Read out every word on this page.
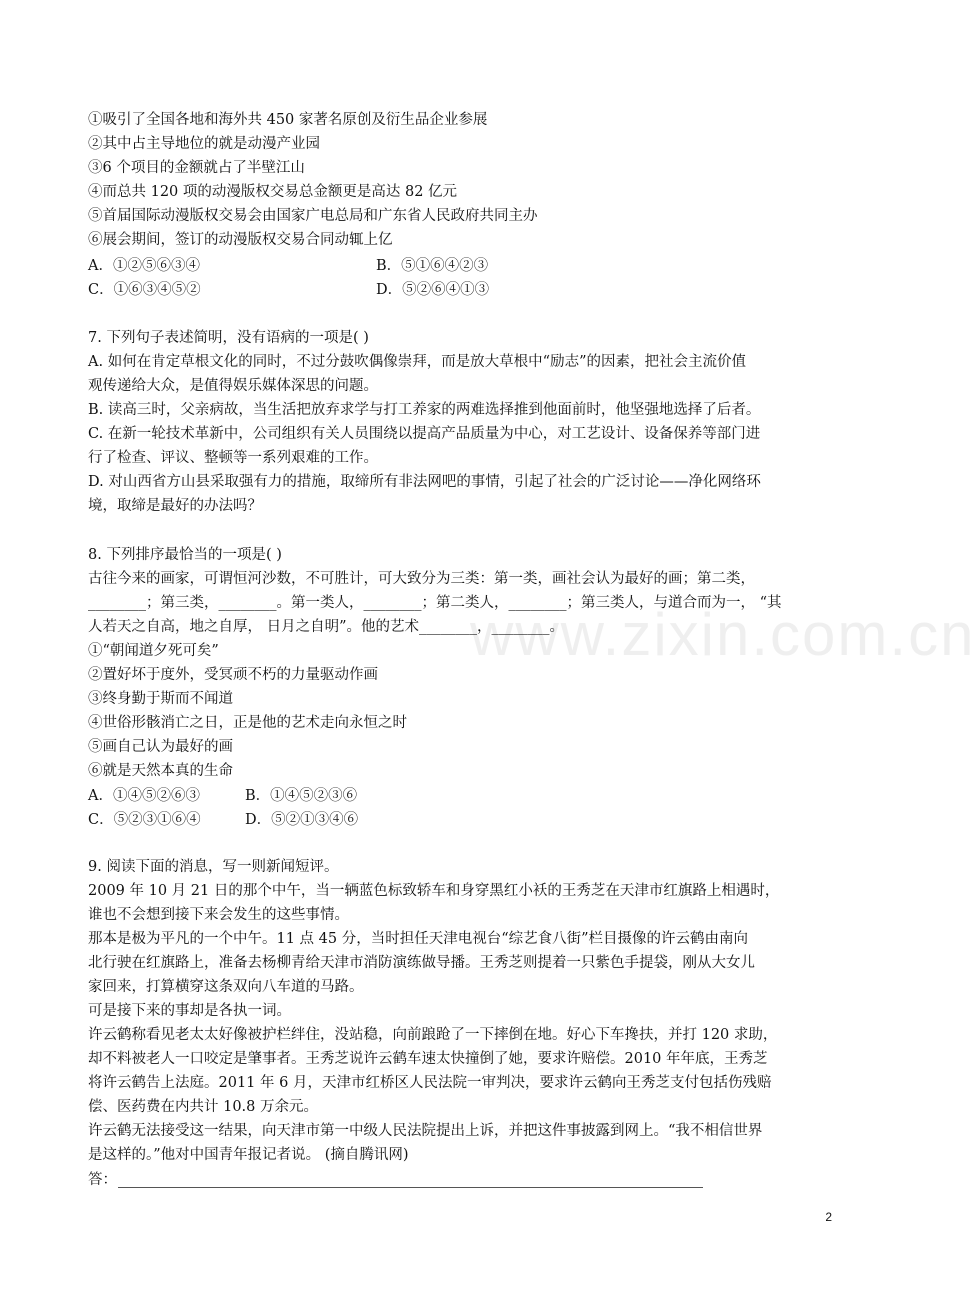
www.zixin.com.cn
①吸引了全国各地和海外共 450 家著名原创及衍生品企业参展
②其中占主导地位的就是动漫产业园
③6 个项目的金额就占了半壁江山
④而总共 120 项的动漫版权交易总金额更是高达 82 亿元
⑤首届国际动漫版权交易会由国家广电总局和广东省人民政府共同主办
⑥展会期间，签订的动漫版权交易合同动辄上亿
A．①②⑤⑥③④	B．⑤①⑥④②③
C．①⑥③④⑤②	D．⑤②⑥④①③
7. 下列句子表述简明，没有语病的一项是( )
A. 如何在肯定草根文化的同时，不过分鼓吹偶像崇拜，而是放大草根中“励志”的因素，把社会主流价值
观传递给大众，是值得娱乐媒体深思的问题。
B. 读高三时，父亲病故，当生活把放弃求学与打工养家的两难选择推到他面前时，他坚强地选择了后者。
C. 在新一轮技术革新中，公司组织有关人员围绕以提高产品质量为中心，对工艺设计、设备保养等部门进
行了检查、评议、整顿等一系列艰难的工作。
D. 对山西省方山县采取强有力的措施，取缔所有非法网吧的事情，引起了社会的广泛讨论——净化网络环
境，取缔是最好的办法吗？
8. 下列排序最恰当的一项是( )
古往今来的画家，可谓恒河沙数，不可胜计，可大致分为三类：第一类，画社会认为最好的画；第二类，
________；第三类，________。第一类人，________；第二类人，________；第三类人，与道合而为一， “其
人若天之自高，地之自厚， 日月之自明”。他的艺术________，________。
①“朝闻道夕死可矣”
②置好坏于度外，受冥顽不朽的力量驱动作画
③终身勤于斯而不闻道
④世俗形骸消亡之日，正是他的艺术走向永恒之时
⑤画自己认为最好的画
⑥就是天然本真的生命
A．①④⑤②⑥③	B．①④⑤②③⑥
C．⑤②③①⑥④	D．⑤②①③④⑥
9. 阅读下面的消息，写一则新闻短评。
2009 年 10 月 21 日的那个中午，当一辆蓝色标致轿车和身穿黑红小袄的王秀芝在天津市红旗路上相遇时，
谁也不会想到接下来会发生的这些事情。
那本是极为平凡的一个中午。11 点 45 分，当时担任天津电视台“综艺食八街”栏目摄像的许云鹤由南向
北行驶在红旗路上，准备去杨柳青给天津市消防演练做导播。王秀芝则提着一只紫色手提袋，刚从大女儿
家回来，打算横穿这条双向八车道的马路。
可是接下来的事却是各执一词。
许云鹤称看见老太太好像被护栏绊住，没站稳，向前踉跄了一下摔倒在地。好心下车搀扶，并打 120 求助，
却不料被老人一口咬定是肇事者。王秀芝说许云鹤车速太快撞倒了她，要求许赔偿。2010 年年底，王秀芝
将许云鹤告上法庭。2011 年 6 月，天津市红桥区人民法院一审判决，要求许云鹤向王秀芝支付包括伤残赔
偿、医药费在内共计 10.8 万余元。
许云鹤无法接受这一结果，向天津市第一中级人民法院提出上诉，并把这件事披露到网上。“我不相信世界
是这样的。”他对中国青年报记者说。 (摘自腾讯网)
答：
2
